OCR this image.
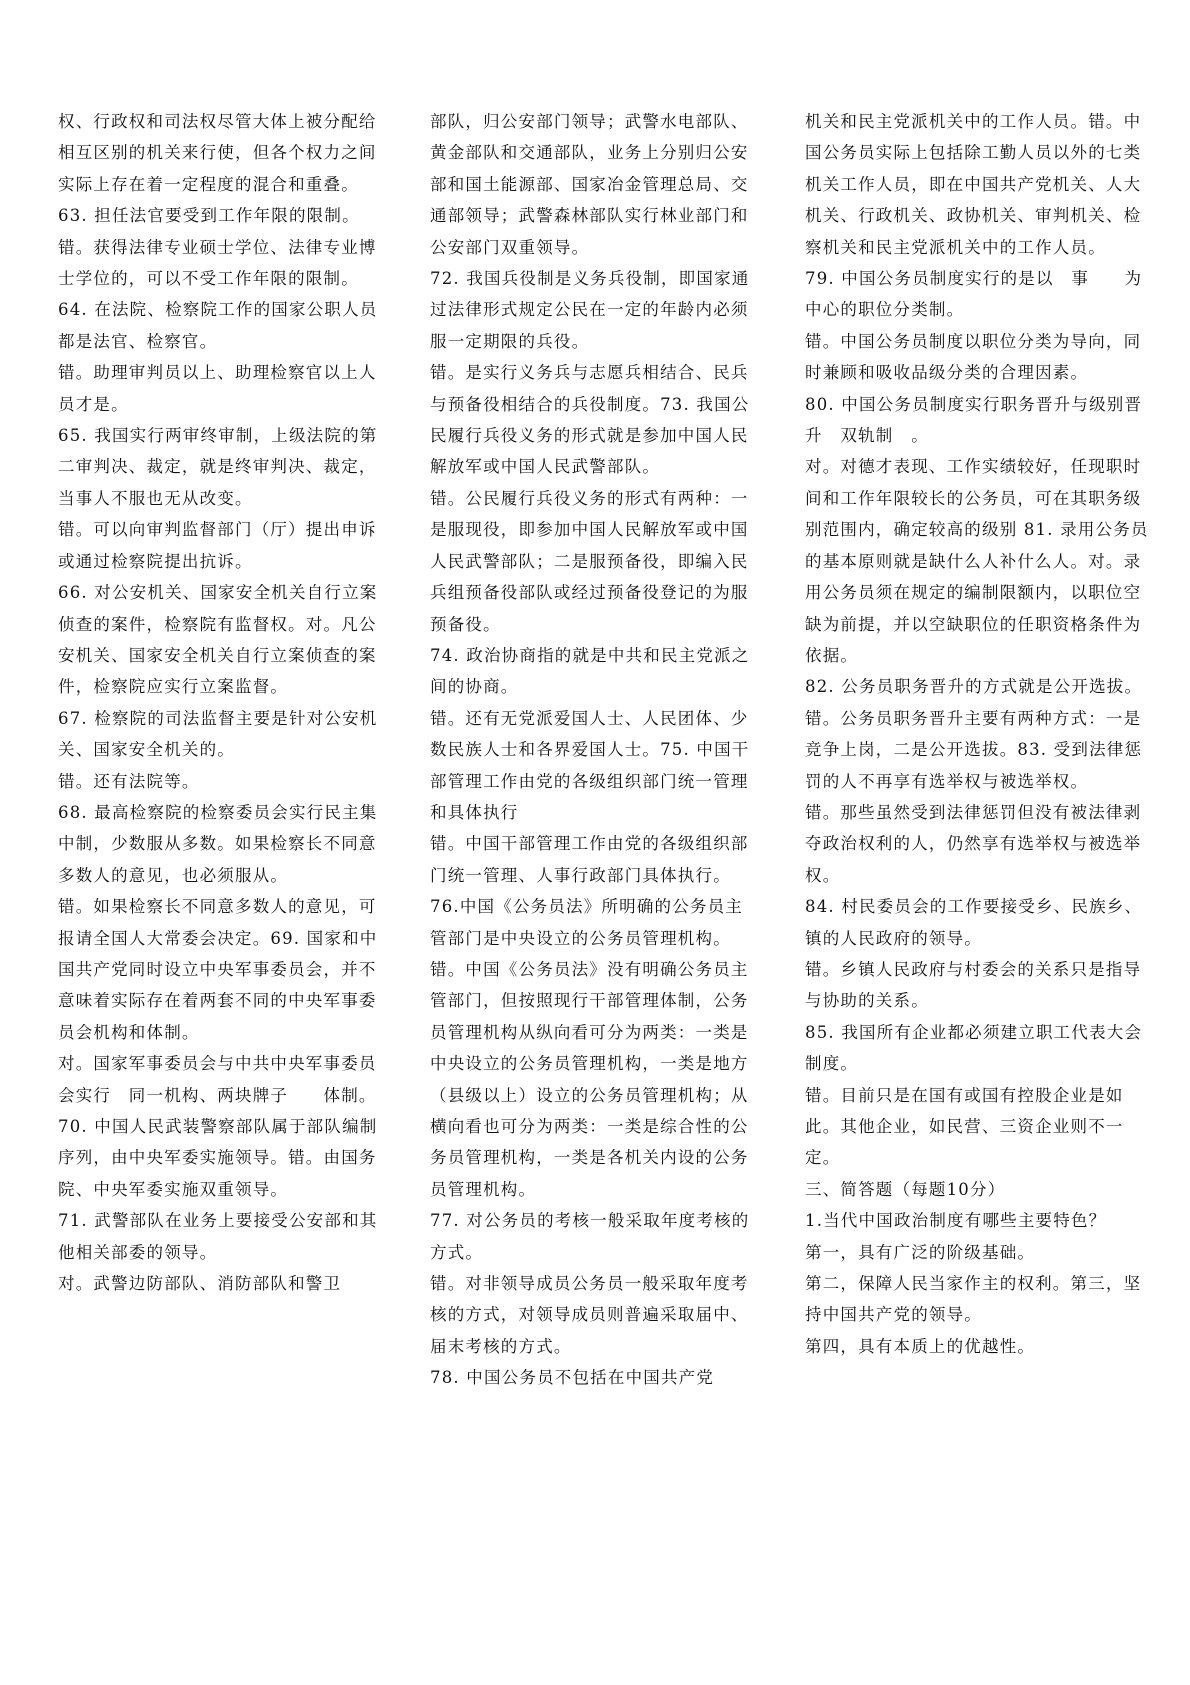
权、行政权和司法权尽管大体上被分配给相互区别的机关来行使，但各个权力之间实际上存在着一定程度的混合和重叠。

63. 担任法官要受到工作年限的限制。

错。获得法律专业硕士学位、法律专业博士学位的，可以不受工作年限的限制。

64. 在法院、检察院工作的国家公职人员都是法官、检察官。

错。助理审判员以上、助理检察官以上人员才是。

65. 我国实行两审终审制，上级法院的第二审判决、裁定，就是终审判决、裁定，当事人不服也无从改变。

错。可以向审判监督部门（厅）提出申诉或通过检察院提出抗诉。

66. 对公安机关、国家安全机关自行立案侦查的案件，检察院有监督权。对。凡公安机关、国家安全机关自行立案侦查的案件，检察院应实行立案监督。

67. 检察院的司法监督主要是针对公安机关、国家安全机关的。

错。还有法院等。

68. 最高检察院的检察委员会实行民主集中制，少数服从多数。如果检察长不同意多数人的意见，也必须服从。

错。如果检察长不同意多数人的意见，可报请全国人大常委会决定。69. 国家和中国共产党同时设立中央军事委员会，并不意味着实际存在着两套不同的中央军事委员会机构和体制。

对。国家军事委员会与中共中央军事委员会实行　同一机构、两块牌子　　体制。

70. 中国人民武装警察部队属于部队编制序列，由中央军委实施领导。错。由国务院、中央军委实施双重领导。

71. 武警部队在业务上要接受公安部和其他相关部委的领导。

对。武警边防部队、消防部队和警卫

部队，归公安部门领导；武警水电部队、黄金部队和交通部队，业务上分别归公安部和国土能源部、国家冶金管理总局、交通部领导；武警森林部队实行林业部门和公安部门双重领导。

72. 我国兵役制是义务兵役制，即国家通过法律形式规定公民在一定的年龄内必须服一定期限的兵役。

错。是实行义务兵与志愿兵相结合、民兵与预备役相结合的兵役制度。73. 我国公民履行兵役义务的形式就是参加中国人民解放军或中国人民武警部队。

错。公民履行兵役义务的形式有两种：一是服现役，即参加中国人民解放军或中国人民武警部队；二是服预备役，即编入民兵组预备役部队或经过预备役登记的为服预备役。

74. 政治协商指的就是中共和民主党派之间的协商。

错。还有无党派爱国人士、人民团体、少数民族人士和各界爱国人士。75. 中国干部管理工作由党的各级组织部门统一管理和具体执行

错。中国干部管理工作由党的各级组织部门统一管理、人事行政部门具体执行。

76.中国《公务员法》所明确的公务员主管部门是中央设立的公务员管理机构。

错。中国《公务员法》没有明确公务员主管部门，但按照现行干部管理体制，公务员管理机构从纵向看可分为两类：一类是中央设立的公务员管理机构，一类是地方（县级以上）设立的公务员管理机构；从横向看也可分为两类：一类是综合性的公务员管理机构，一类是各机关内设的公务员管理机构。

77. 对公务员的考核一般采取年度考核的方式。

错。对非领导成员公务员一般采取年度考核的方式，对领导成员则普遍采取届中、届末考核的方式。

78. 中国公务员不包括在中国共产党

机关和民主党派机关中的工作人员。错。中国公务员实际上包括除工勤人员以外的七类机关工作人员，即在中国共产党机关、人大机关、行政机关、政协机关、审判机关、检察机关和民主党派机关中的工作人员。

79. 中国公务员制度实行的是以　事　　为中心的职位分类制。

错。中国公务员制度以职位分类为导向，同时兼顾和吸收品级分类的合理因素。

80. 中国公务员制度实行职务晋升与级别晋升　双轨制　。

对。对德才表现、工作实绩较好，任现职时间和工作年限较长的公务员，可在其职务级别范围内，确定较高的级别 81. 录用公务员的基本原则就是缺什么人补什么人。对。录用公务员须在规定的编制限额内，以职位空缺为前提，并以空缺职位的任职资格条件为依据。

82. 公务员职务晋升的方式就是公开选拔。

错。公务员职务晋升主要有两种方式：一是竞争上岗，二是公开选拔。83. 受到法律惩罚的人不再享有选举权与被选举权。

错。那些虽然受到法律惩罚但没有被法律剥夺政治权利的人，仍然享有选举权与被选举权。

84. 村民委员会的工作要接受乡、民族乡、镇的人民政府的领导。

错。乡镇人民政府与村委会的关系只是指导与协助的关系。

85. 我国所有企业都必须建立职工代表大会制度。

错。目前只是在国有或国有控股企业是如此。其他企业，如民营、三资企业则不一定。

三、简答题（每题10分）

1.当代中国政治制度有哪些主要特色？

第一，具有广泛的阶级基础。

第二，保障人民当家作主的权利。第三，坚持中国共产党的领导。

第四，具有本质上的优越性。
